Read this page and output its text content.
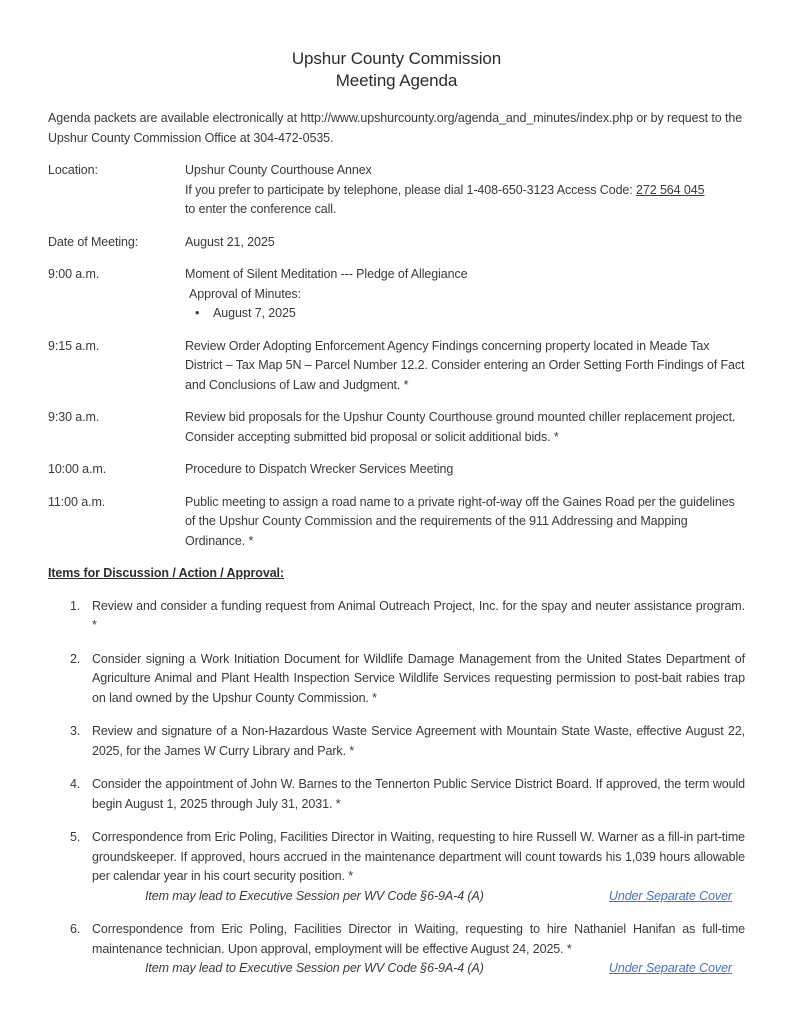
Upshur County Commission
Meeting Agenda

Agenda packets are available electronically at http://www.upshurcounty.org/agenda_and_minutes/index.php or by request to the Upshur County Commission Office at 304-472-0535.

Location:	Upshur County Courthouse Annex
If you prefer to participate by telephone, please dial 1-408-650-3123 Access Code: 272 564 045
to enter the conference call.
Date of Meeting:	August 21, 2025
9:00 a.m.	Moment of Silent Meditation --- Pledge of Allegiance
Approval of Minutes:
•
August 7, 2025
9:15 a.m.	Review Order Adopting Enforcement Agency Findings concerning property located in Meade Tax District – Tax Map 5N – Parcel Number 12.2. Consider entering an Order Setting Forth Findings of Fact and Conclusions of Law and Judgment. *
9:30 a.m.	Review bid proposals for the Upshur County Courthouse ground mounted chiller replacement project. Consider accepting submitted bid proposal or solicit additional bids. *
10:00 a.m.	Procedure to Dispatch Wrecker Services Meeting
11:00 a.m.	Public meeting to assign a road name to a private right-of-way off the Gaines Road per the guidelines of the Upshur County Commission and the requirements of the 911 Addressing and Mapping Ordinance. *
Items for Discussion / Action / Approval:
1. Review and consider a funding request from Animal Outreach Project, Inc. for the spay and neuter assistance program. *
2. Consider signing a Work Initiation Document for Wildlife Damage Management from the United States Department of Agriculture Animal and Plant Health Inspection Service Wildlife Services requesting permission to post-bait rabies trap on land owned by the Upshur County Commission. *
3. Review and signature of a Non-Hazardous Waste Service Agreement with Mountain State Waste, effective August 22, 2025, for the James W Curry Library and Park. *
4. Consider the appointment of John W. Barnes to the Tennerton Public Service District Board. If approved, the term would begin August 1, 2025 through July 31, 2031. *
5. Correspondence from Eric Poling, Facilities Director in Waiting, requesting to hire Russell W. Warner as a fill-in part-time groundskeeper. If approved, hours accrued in the maintenance department will count towards his 1,039 hours allowable per calendar year in his court security position. *
Item may lead to Executive Session per WV Code §6-9A-4 (A)	Under Separate Cover
6. Correspondence from Eric Poling, Facilities Director in Waiting, requesting to hire Nathaniel Hanifan as full-time maintenance technician. Upon approval, employment will be effective August 24, 2025. *
Item may lead to Executive Session per WV Code §6-9A-4 (A)	Under Separate Cover
